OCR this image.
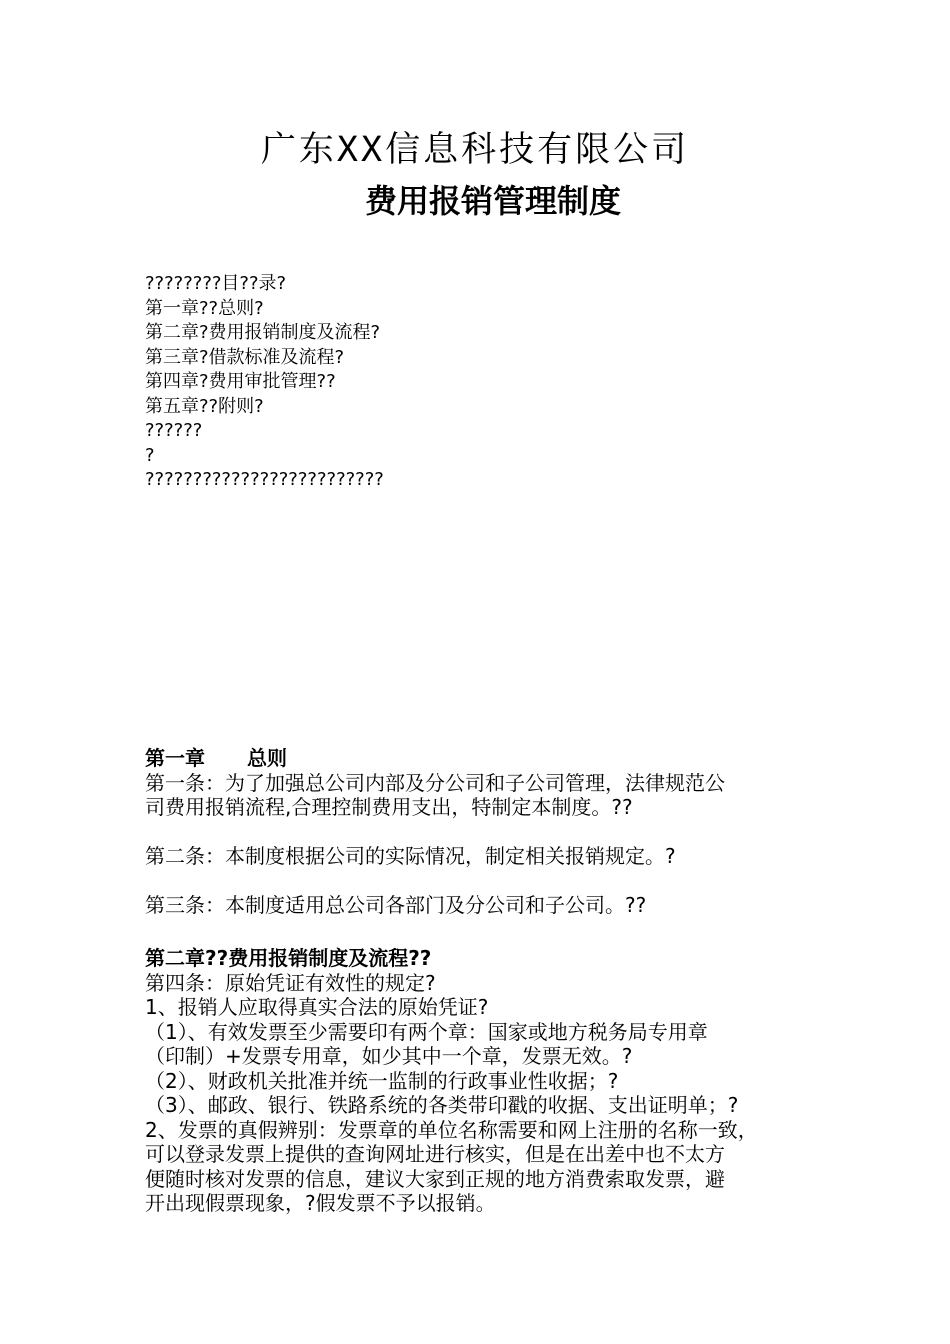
广东XX信息科技有限公司
费用报销管理制度
????????目??录?
第一章??总则?
第二章?费用报销制度及流程?
第三章?借款标准及流程?
第四章?费用审批管理??
第五章??附则?
??????
?
?????????????????????????
第一章 总则
第一条：为了加强总公司内部及分公司和子公司管理，法律规范公
司费用报销流程,合理控制费用支出，特制定本制度。??
第二条：本制度根据公司的实际情况，制定相关报销规定。?
第三条：本制度适用总公司各部门及分公司和子公司。??
第二章??费用报销制度及流程??
第四条：原始凭证有效性的规定?
1、报销人应取得真实合法的原始凭证?
（1）、有效发票至少需要印有两个章：国家或地方税务局专用章
（印制）+发票专用章，如少其中一个章，发票无效。?
（2）、财政机关批准并统一监制的行政事业性收据；?
（3）、邮政、银行、铁路系统的各类带印戳的收据、支出证明单；?
2、发票的真假辨别：发票章的单位名称需要和网上注册的名称一致，
可以登录发票上提供的查询网址进行核实，但是在出差中也不太方
便随时核对发票的信息，建议大家到正规的地方消费索取发票，避
开出现假票现象，?假发票不予以报销。
